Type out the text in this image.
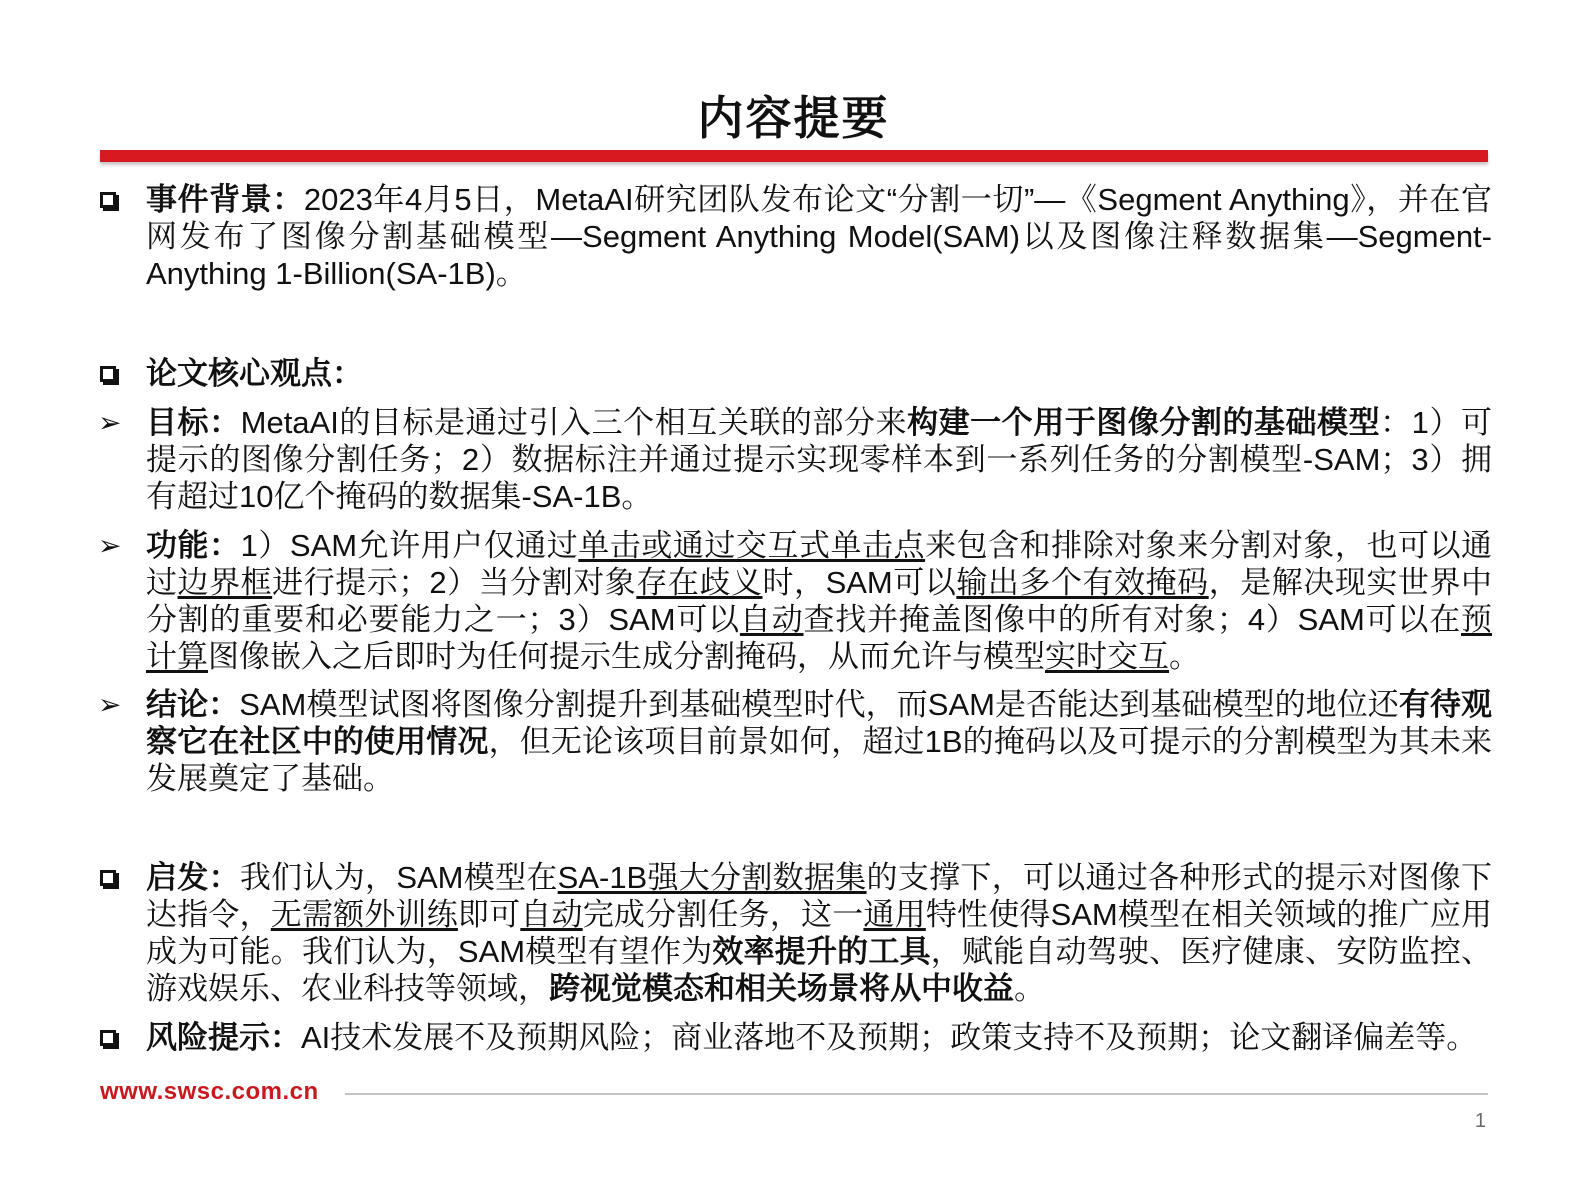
内容提要
事件背景：2023年4月5日，MetaAI研究团队发布论文“分割一切”—《Segment Anything》，并在官网发布了图像分割基础模型—Segment Anything Model(SAM)以及图像注释数据集—Segment-Anything 1-Billion(SA-1B)。
论文核心观点：
➢ 目标：MetaAI的目标是通过引入三个相互关联的部分来构建一个用于图像分割的基础模型：1）可提示的图像分割任务；2）数据标注并通过提示实现零样本到一系列任务的分割模型-SAM；3）拥有超过10亿个掩码的数据集-SA-1B。
➢ 功能：1）SAM允许用户仅通过单击或通过交互式单击点来包含和排除对象来分割对象，也可以通过边界框进行提示；2）当分割对象存在歧义时，SAM可以输出多个有效掩码，是解决现实世界中分割的重要和必要能力之一；3）SAM可以自动查找并掩盖图像中的所有对象；4）SAM可以在预计算图像嵌入之后即时为任何提示生成分割掩码，从而允许与模型实时交互。
➢ 结论：SAM模型试图将图像分割提升到基础模型时代，而SAM是否能达到基础模型的地位还有待观察它在社区中的使用情况，但无论该项目前景如何，超过1B的掩码以及可提示的分割模型为其未来发展奠定了基础。
启发：我们认为，SAM模型在SA-1B强大分割数据集的支撑下，可以通过各种形式的提示对图像下达指令，无需额外训练即可自动完成分割任务，这一通用特性使得SAM模型在相关领域的推广应用成为可能。我们认为，SAM模型有望作为效率提升的工具，赋能自动驾驶、医疗健康、安防监控、游戏娱乐、农业科技等领域，跨视觉模态和相关场景将从中收益。
风险提示：AI技术发展不及预期风险；商业落地不及预期；政策支持不及预期；论文翻译偏差等。
www.swsc.com.cn
1
